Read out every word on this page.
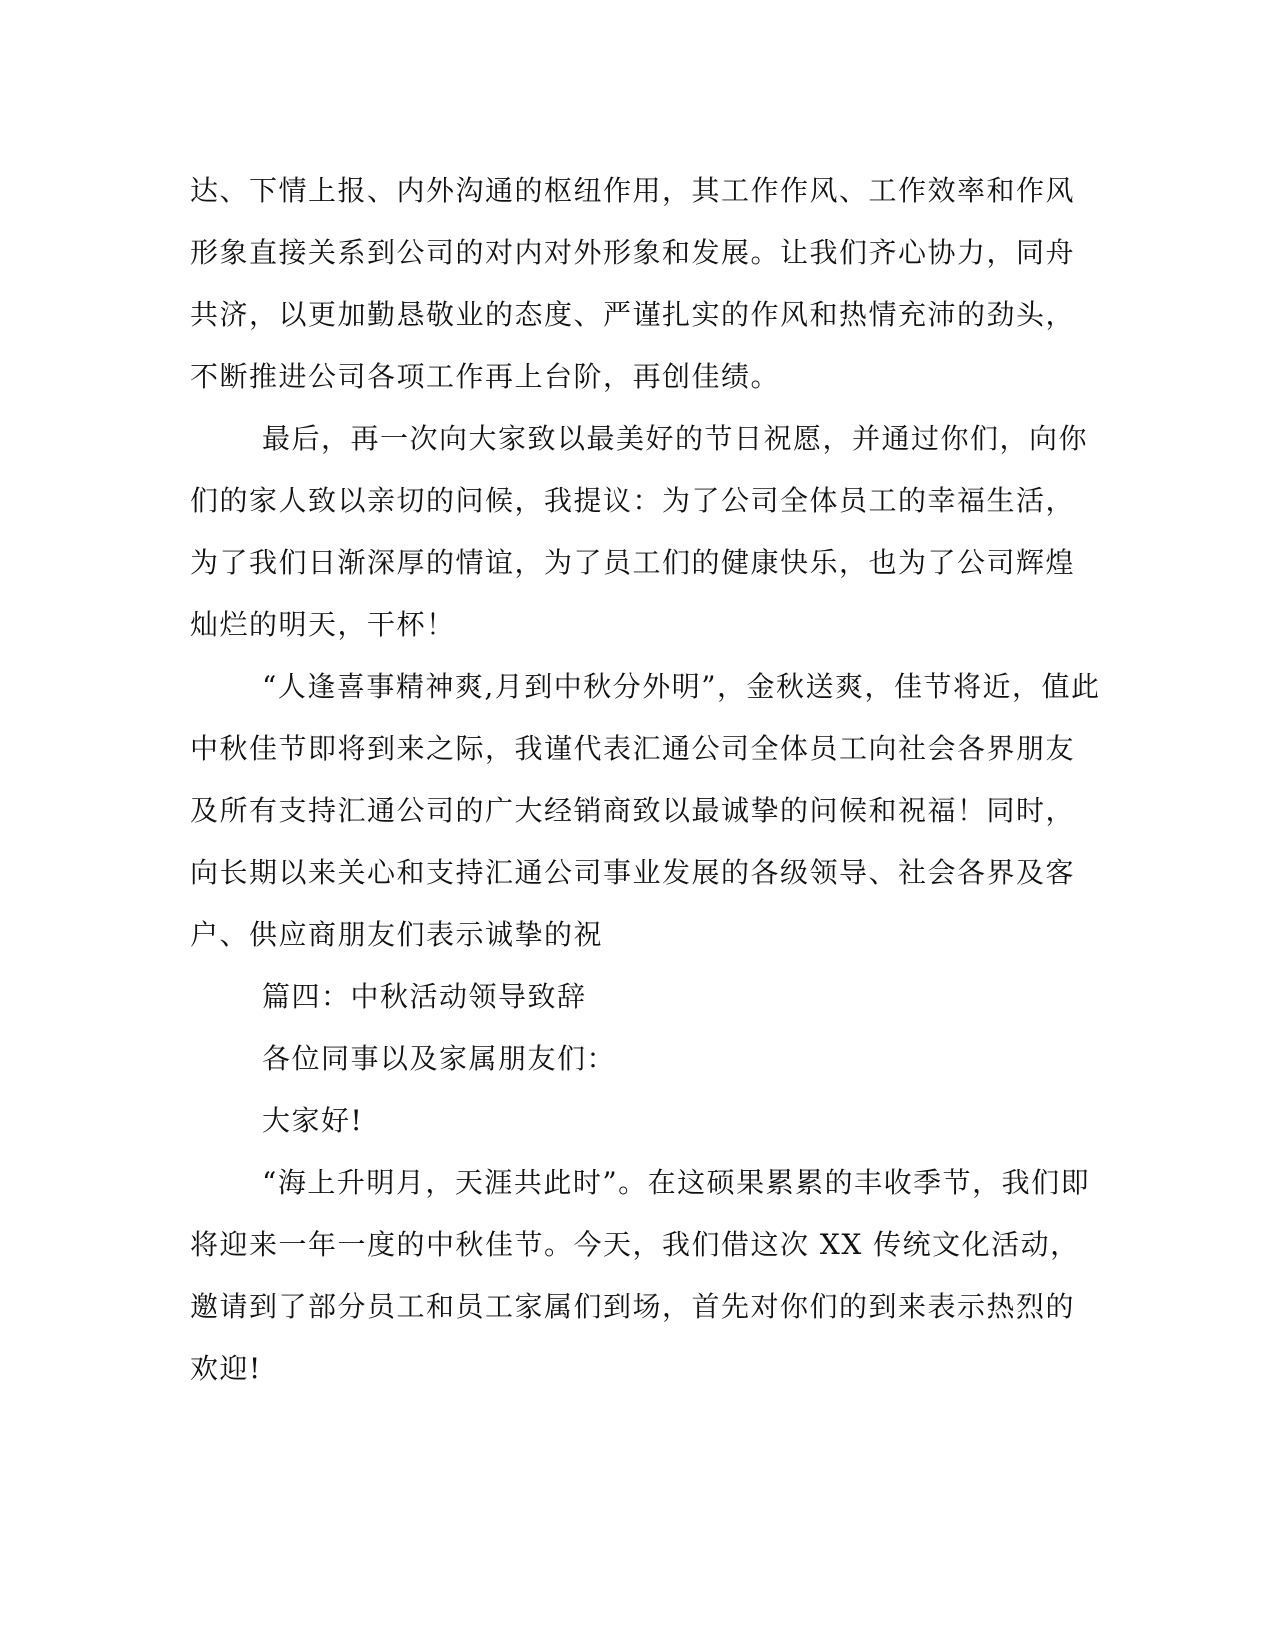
达、下情上报、内外沟通的枢纽作用，其工作作风、工作效率和作风
形象直接关系到公司的对内对外形象和发展。让我们齐心协力，同舟
共济，以更加勤恳敬业的态度、严谨扎实的作风和热情充沛的劲头，
不断推进公司各项工作再上台阶，再创佳绩。
最后，再一次向大家致以最美好的节日祝愿，并通过你们，向你
们的家人致以亲切的问候，我提议：为了公司全体员工的幸福生活，
为了我们日渐深厚的情谊，为了员工们的健康快乐，也为了公司辉煌
灿烂的明天，干杯！
“人逢喜事精神爽,月到中秋分外明”，金秋送爽，佳节将近，值此
中秋佳节即将到来之际，我谨代表汇通公司全体员工向社会各界朋友
及所有支持汇通公司的广大经销商致以最诚挚的问候和祝福！同时，
向长期以来关心和支持汇通公司事业发展的各级领导、社会各界及客
户、供应商朋友们表示诚挚的祝
篇四：中秋活动领导致辞
各位同事以及家属朋友们：
大家好!
“海上升明月，天涯共此时”。在这硕果累累的丰收季节，我们即
将迎来一年一度的中秋佳节。今天，我们借这次 XX 传统文化活动，
邀请到了部分员工和员工家属们到场，首先对你们的到来表示热烈的
欢迎!
